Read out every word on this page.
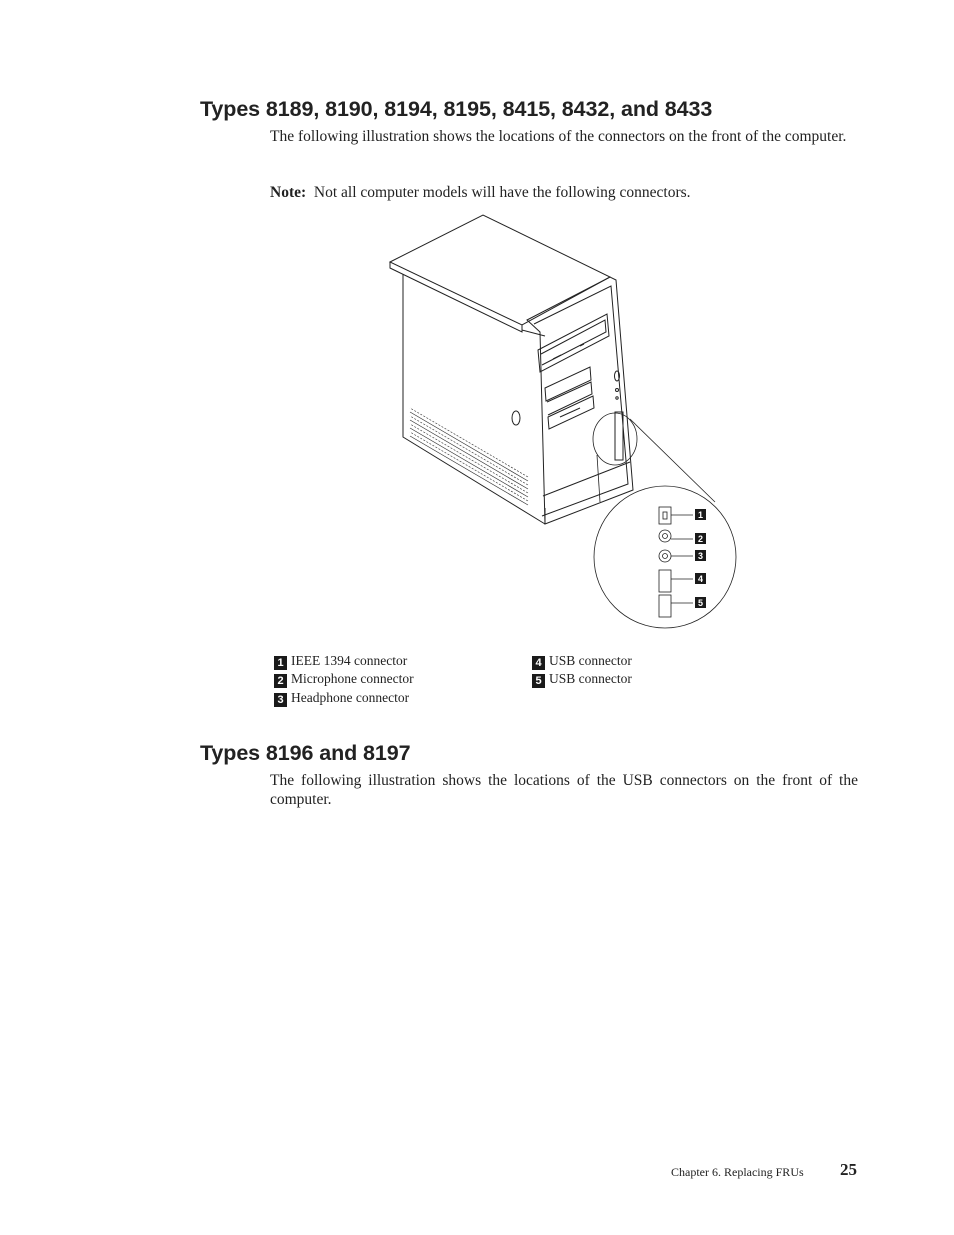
Types 8189, 8190, 8194, 8195, 8415, 8432, and 8433

The following illustration shows the locations of the connectors on the front of the computer.

Note: Not all computer models will have the following connectors.

1
2
3
4
5
1 IEEE 1394 connector
2 Microphone connector
3 Headphone connector
4 USB connector
5 USB connector
Types 8196 and 8197

The following illustration shows the locations of the USB connectors on the front of the computer.

Chapter 6. Replacing FRUs 25
